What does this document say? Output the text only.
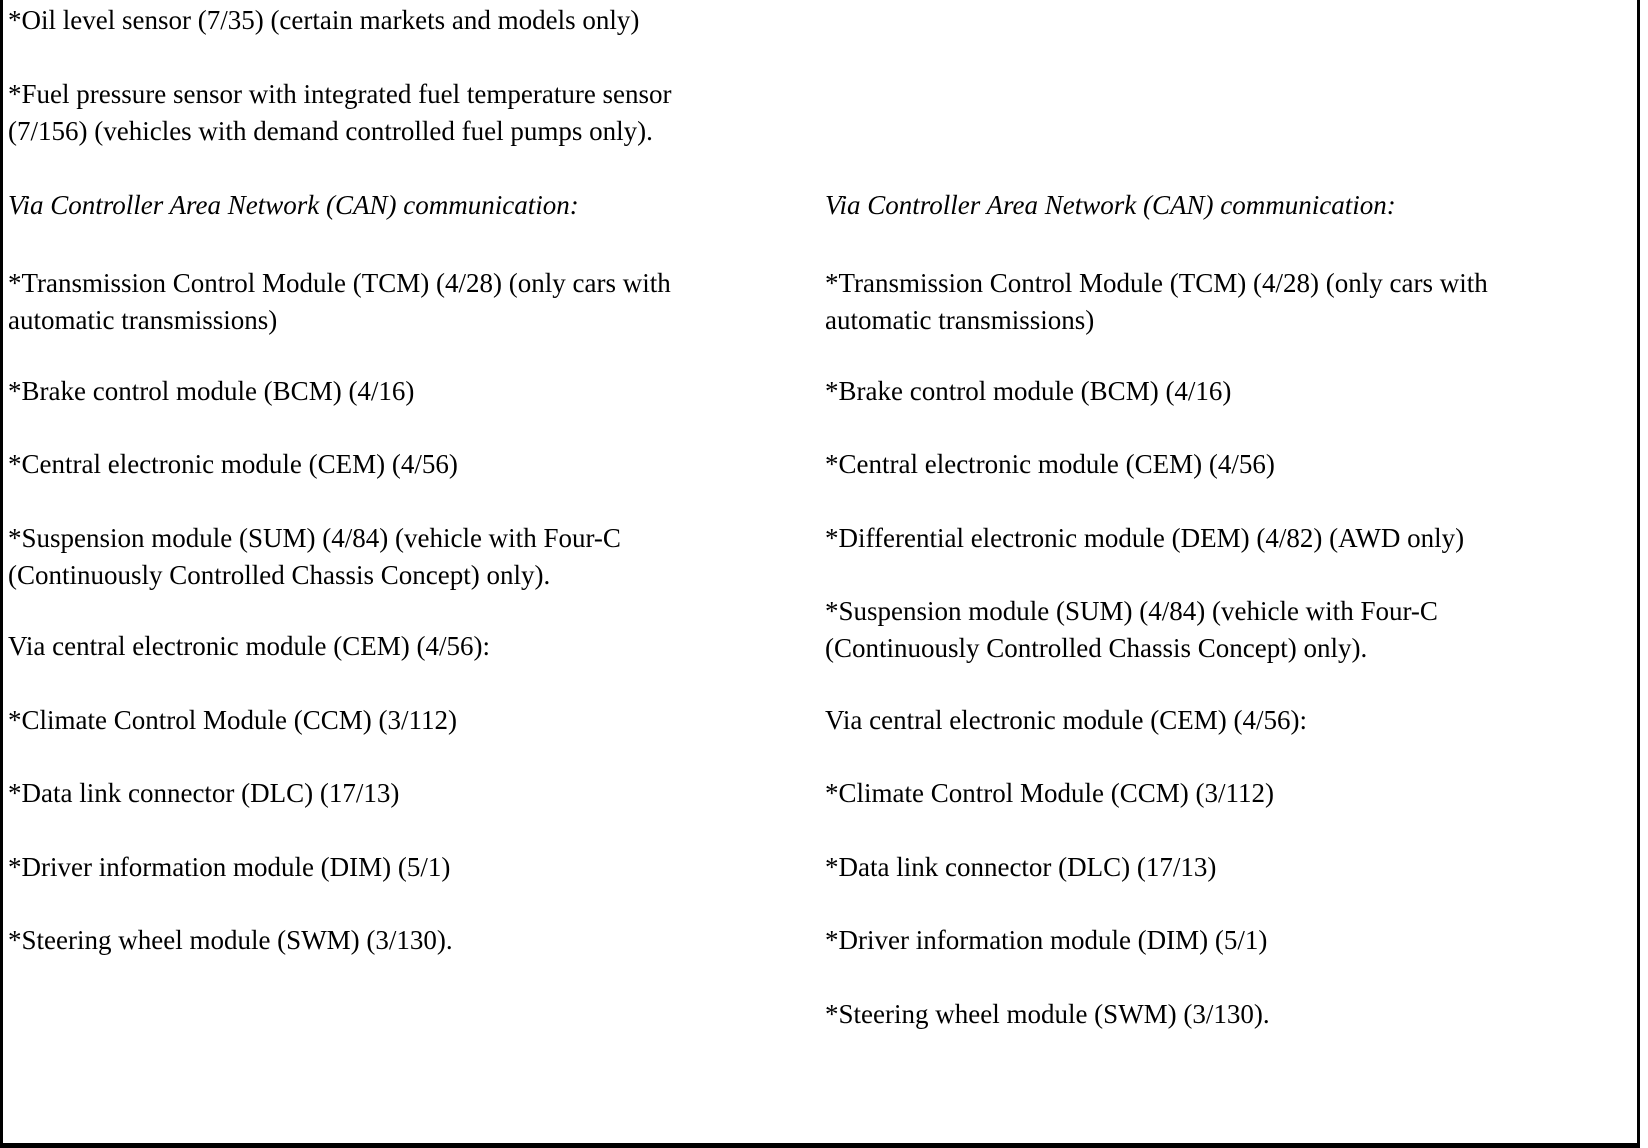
*Oil level sensor (7/35) (certain markets and models only)
*Fuel pressure sensor with integrated fuel temperature sensor
(7/156) (vehicles with demand controlled fuel pumps only).
Via Controller Area Network (CAN) communication:
*Transmission Control Module (TCM) (4/28) (only cars with
automatic transmissions)
*Brake control module (BCM) (4/16)
*Central electronic module (CEM) (4/56)
*Suspension module (SUM) (4/84) (vehicle with Four-C
(Continuously Controlled Chassis Concept) only).
Via central electronic module (CEM) (4/56):
*Climate Control Module (CCM) (3/112)
*Data link connector (DLC) (17/13)
*Driver information module (DIM) (5/1)
*Steering wheel module (SWM) (3/130).
Via Controller Area Network (CAN) communication:
*Transmission Control Module (TCM) (4/28) (only cars with
automatic transmissions)
*Brake control module (BCM) (4/16)
*Central electronic module (CEM) (4/56)
*Differential electronic module (DEM) (4/82) (AWD only)
*Suspension module (SUM) (4/84) (vehicle with Four-C
(Continuously Controlled Chassis Concept) only).
Via central electronic module (CEM) (4/56):
*Climate Control Module (CCM) (3/112)
*Data link connector (DLC) (17/13)
*Driver information module (DIM) (5/1)
*Steering wheel module (SWM) (3/130).
